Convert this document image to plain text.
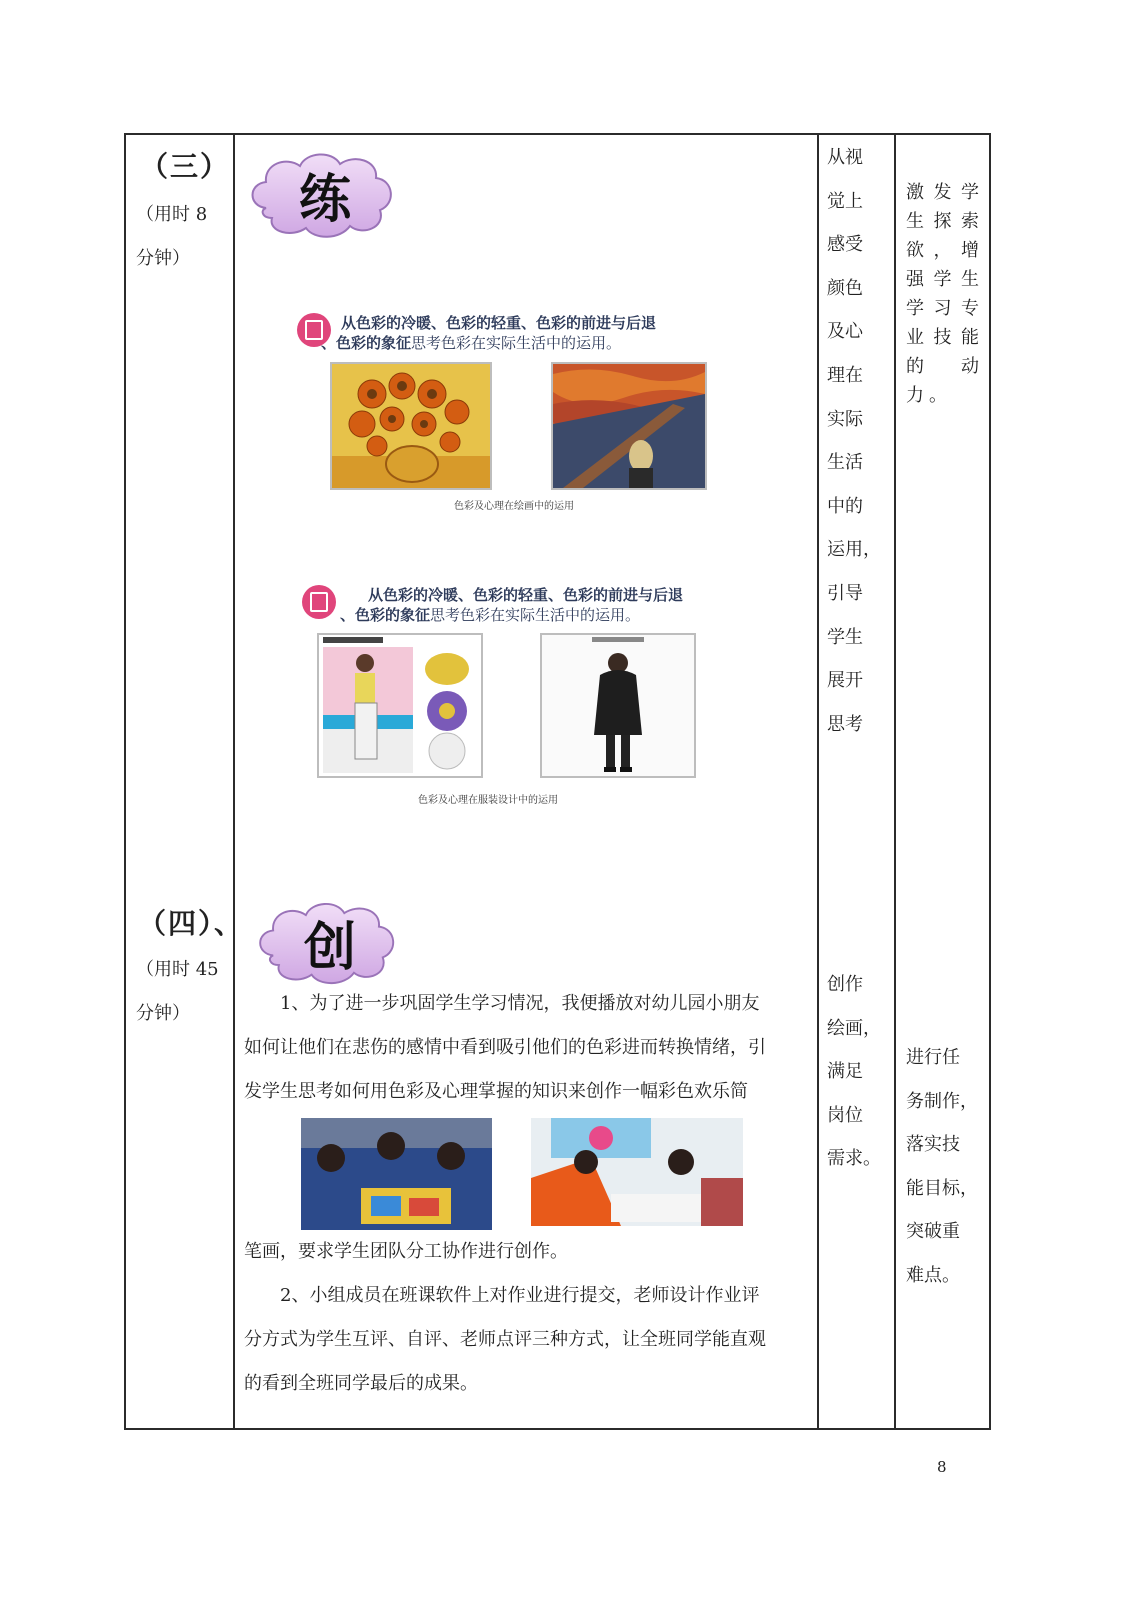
（三）
（用时 8
分钟）
练
从色彩的冷暖、色彩的轻重、色彩的前进与后退
、色彩的象征思考色彩在实际生活中的运用。
色彩及心理在绘画中的运用
从色彩的冷暖、色彩的轻重、色彩的前进与后退
、色彩的象征思考色彩在实际生活中的运用。
色彩及心理在服装设计中的运用
从视
觉上
感受
颜色
及心
理在
实际
生活
中的
运用，
引导
学生
展开
思考
激发学生探索欲，增强学生学习专业技能的动力。
（四）、
（用时 45
分钟）
创

1、为了进一步巩固学生学习情况，我便播放对幼儿园小朋友

如何让他们在悲伤的感情中看到吸引他们的色彩进而转换情绪，引

发学生思考如何用色彩及心理掌握的知识来创作一幅彩色欢乐简

笔画，要求学生团队分工协作进行创作。

2、小组成员在班课软件上对作业进行提交，老师设计作业评

分方式为学生互评、自评、老师点评三种方式，让全班同学能直观

的看到全班同学最后的成果。

创作
绘画，
满足
岗位
需求。
进行任
务制作，
落实技
能目标，
突破重
难点。
8
